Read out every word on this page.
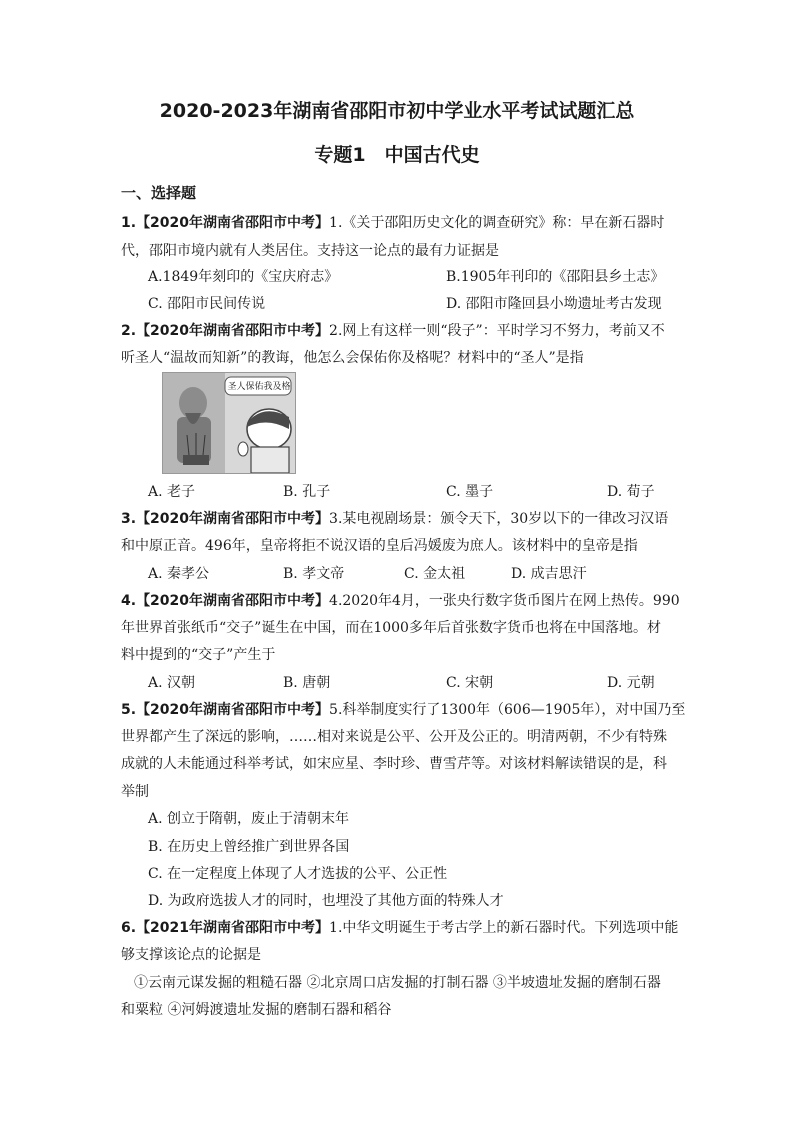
2020-2023年湖南省邵阳市初中学业水平考试试题汇总
专题1　中国古代史
一、选择题
1.【2020年湖南省邵阳市中考】1.《关于邵阳历史文化的调查研究》称：早在新石器时
代，邵阳市境内就有人类居住。支持这一论点的最有力证据是
A.1849年刻印的《宝庆府志》	B.1905年刊印的《邵阳县乡土志》
C. 邵阳市民间传说	D. 邵阳市隆回县小坳遗址考古发现
2.【2020年湖南省邵阳市中考】2.网上有这样一则“段子”：平时学习不努力，考前又不
听圣人“温故而知新”的教诲，他怎么会保佑你及格呢？材料中的“圣人”是指
圣人保佑我及格
A. 老子	B. 孔子	C. 墨子	D. 荀子
3.【2020年湖南省邵阳市中考】3.某电视剧场景：颁令天下，30岁以下的一律改习汉语
和中原正音。496年，皇帝将拒不说汉语的皇后冯媛废为庶人。该材料中的皇帝是指
A. 秦孝公	B. 孝文帝	C. 金太祖	D. 成吉思汗
4.【2020年湖南省邵阳市中考】4.2020年4月，一张央行数字货币图片在网上热传。990
年世界首张纸币“交子”诞生在中国，而在1000多年后首张数字货币也将在中国落地。材
料中提到的“交子”产生于
A. 汉朝	B. 唐朝	C. 宋朝	D. 元朝
5.【2020年湖南省邵阳市中考】5.科举制度实行了1300年（606—1905年），对中国乃至
世界都产生了深远的影响，……相对来说是公平、公开及公正的。明清两朝，不少有特殊
成就的人未能通过科举考试，如宋应星、李时珍、曹雪芹等。对该材料解读错误的是，科
举制
A. 创立于隋朝，废止于清朝末年
B. 在历史上曾经推广到世界各国
C. 在一定程度上体现了人才选拔的公平、公正性
D. 为政府选拔人才的同时，也埋没了其他方面的特殊人才
6.【2021年湖南省邵阳市中考】1.中华文明诞生于考古学上的新石器时代。下列选项中能
够支撑该论点的论据是
①云南元谋发掘的粗糙石器 ②北京周口店发掘的打制石器 ③半坡遗址发掘的磨制石器
和粟粒 ④河姆渡遗址发掘的磨制石器和稻谷
